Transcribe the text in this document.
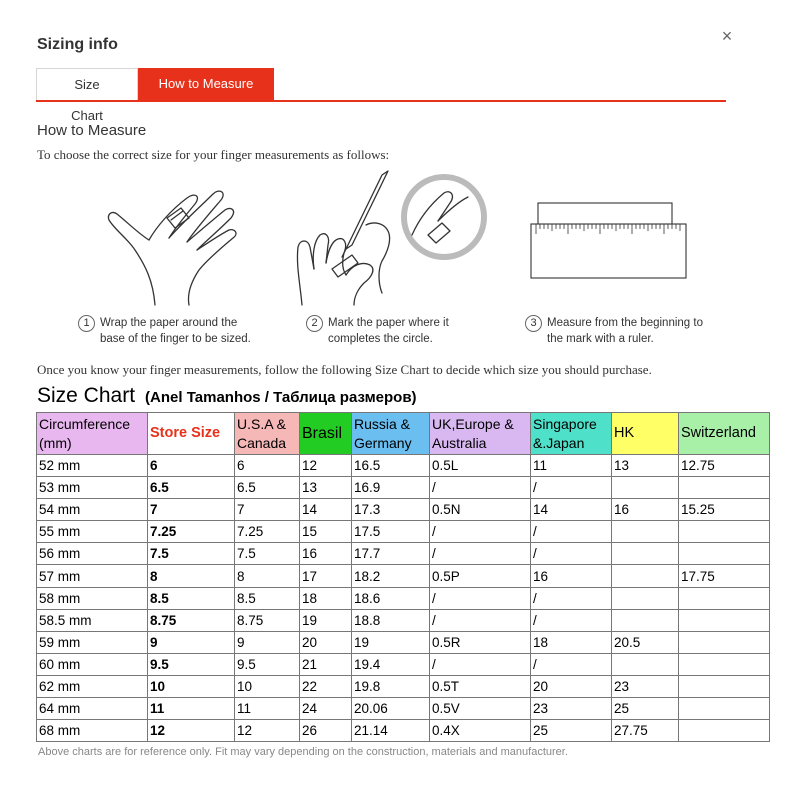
Sizing info	×
Size Chart
How to Measure
How to Measure
To choose the correct size for your finger measurements as follows:
1 Wrap the paper around the
base of the finger to be sized.
2 Mark the paper where it
completes the circle.
3 Measure from the beginning to
the mark with a ruler.
Once you know your finger measurements, follow the following Size Chart to decide which size you should purchase.
Size Chart (Anel Tamanhos / Таблица размеров)
Circumference (mm)	Store Size	U.S.A & Canada	Brasil	Russia & Germany	UK,Europe & Australia	Singapore &.Japan	HK	Switzerland
52 mm	6	6	12	16.5	0.5L	11	13	12.75
53 mm	6.5	6.5	13	16.9	/	/		
54 mm	7	7	14	17.3	0.5N	14	16	15.25
55 mm	7.25	7.25	15	17.5	/	/		
56 mm	7.5	7.5	16	17.7	/	/		
57 mm	8	8	17	18.2	0.5P	16		17.75
58 mm	8.5	8.5	18	18.6	/	/		
58.5 mm	8.75	8.75	19	18.8	/	/		
59 mm	9	9	20	19	0.5R	18	20.5	
60 mm	9.5	9.5	21	19.4	/	/		
62 mm	10	10	22	19.8	0.5T	20	23	
64 mm	11	11	24	20.06	0.5V	23	25	
68 mm	12	12	26	21.14	0.4X	25	27.75	
Above charts are for reference only. Fit may vary depending on the construction, materials and manufacturer.
